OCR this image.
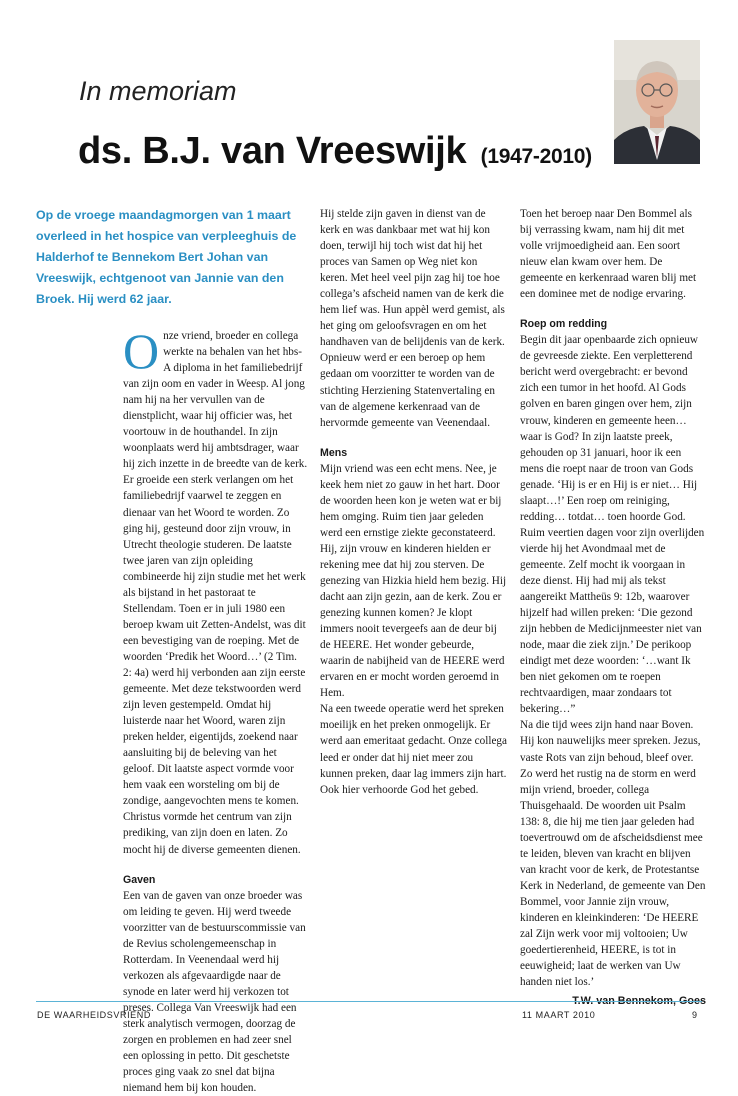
In memoriam
ds. B.J. van Vreeswijk (1947-2010)

Op de vroege maandagmorgen van 1 maart overleed in het hospice van verpleeghuis de Halderhof te Bennekom Bert Johan van Vreeswijk, echtgenoot van Jannie van den Broek. Hij werd 62 jaar.

Onze vriend, broeder en collega werkte na behalen van het hbs-A diploma in het familiebedrijf van zijn oom en vader in Weesp. Al jong nam hij na her vervullen van de dienstplicht, waar hij officier was, het voortouw in de houthandel. In zijn woonplaats werd hij ambtsdrager, waar hij zich inzette in de breedte van de kerk. Er groeide een sterk verlangen om het familiebedrijf vaarwel te zeggen en dienaar van het Woord te worden. Zo ging hij, gesteund door zijn vrouw, in Utrecht theologie studeren. De laatste twee jaren van zijn opleiding combineerde hij zijn studie met het werk als bijstand in het pastoraat te Stellendam. Toen er in juli 1980 een beroep kwam uit Zetten-Andelst, was dit een bevestiging van de roeping. Met de woorden ‘Predik het Woord…’ (2 Tim. 2: 4a) werd hij verbonden aan zijn eerste gemeente. Met deze tekstwoorden werd zijn leven gestempeld. Omdat hij luisterde naar het Woord, waren zijn preken helder, eigentijds, zoekend naar aansluiting bij de beleving van het geloof. Dit laatste aspect vormde voor hem vaak een worsteling om bij de zondige, aangevochten mens te komen. Christus vormde het centrum van zijn prediking, van zijn doen en laten. Zo mocht hij de diverse gemeenten dienen.

Gaven

Een van de gaven van onze broeder was om leiding te geven. Hij werd tweede voorzitter van de bestuurscommissie van de Revius scholengemeenschap in Rotterdam. In Veenendaal werd hij verkozen als afgevaardigde naar de synode en later werd hij verkozen tot preses. Collega Van Vreeswijk had een sterk analytisch vermogen, doorzag de zorgen en problemen en had zeer snel een oplossing in petto. Dit geschetste proces ging vaak zo snel dat bijna niemand hem bij kon houden.

Hij stelde zijn gaven in dienst van de kerk en was dankbaar met wat hij kon doen, terwijl hij toch wist dat hij het proces van Samen op Weg niet kon keren. Met heel veel pijn zag hij toe hoe collega’s afscheid namen van de kerk die hem lief was. Hun appèl werd gemist, als het ging om geloofsvragen en om het handhaven van de belijdenis van de kerk. Opnieuw werd er een beroep op hem gedaan om voorzitter te worden van de stichting Herziening Statenvertaling en van de algemene kerkenraad van de hervormde gemeente van Veenendaal.

Mens

Mijn vriend was een echt mens. Nee, je keek hem niet zo gauw in het hart. Door de woorden heen kon je weten wat er bij hem omging. Ruim tien jaar geleden werd een ernstige ziekte geconstateerd. Hij, zijn vrouw en kinderen hielden er rekening mee dat hij zou sterven. De genezing van Hizkia hield hem bezig. Hij dacht aan zijn gezin, aan de kerk. Zou er genezing kunnen komen? Je klopt immers nooit tevergeefs aan de deur bij de HEERE. Het wonder gebeurde, waarin de nabijheid van de HEERE werd ervaren en er mocht worden geroemd in Hem.

Na een tweede operatie werd het spreken moeilijk en het preken onmogelijk. Er werd aan emeritaat gedacht. Onze collega leed er onder dat hij niet meer zou kunnen preken, daar lag immers zijn hart. Ook hier verhoorde God het gebed.

Toen het beroep naar Den Bommel als bij verrassing kwam, nam hij dit met volle vrijmoedigheid aan. Een soort nieuw elan kwam over hem. De gemeente en kerkenraad waren blij met een dominee met de nodige ervaring.

Roep om redding

Begin dit jaar openbaarde zich opnieuw de gevreesde ziekte. Een verpletterend bericht werd overgebracht: er bevond zich een tumor in het hoofd. Al Gods golven en baren gingen over hem, zijn vrouw, kinderen en gemeente heen… waar is God? In zijn laatste preek, gehouden op 31 januari, hoor ik een mens die roept naar de troon van Gods genade. ‘Hij is er en Hij is er niet… Hij slaapt…!’ Een roep om reiniging, redding… totdat… toen hoorde God. Ruim veertien dagen voor zijn overlijden vierde hij het Avondmaal met de gemeente. Zelf mocht ik voorgaan in deze dienst. Hij had mij als tekst aangereikt Mattheüs 9: 12b, waarover hijzelf had willen preken: ‘Die gezond zijn hebben de Medicijnmeester niet van node, maar die ziek zijn.’ De perikoop eindigt met deze woorden: ‘…want Ik ben niet gekomen om te roepen rechtvaardigen, maar zondaars tot bekering…”

Na die tijd wees zijn hand naar Boven. Hij kon nauwelijks meer spreken. Jezus, vaste Rots van zijn behoud, bleef over. Zo werd het rustig na de storm en werd mijn vriend, broeder, collega Thuisgehaald. De woorden uit Psalm 138: 8, die hij me tien jaar geleden had toevertrouwd om de afscheidsdienst mee te leiden, bleven van kracht en blijven van kracht voor de kerk, de Protestantse Kerk in Nederland, de gemeente van Den Bommel, voor Jannie zijn vrouw, kinderen en kleinkinderen: ‘De HEERE zal Zijn werk voor mij voltooien; Uw goedertierenheid, HEERE, is tot in eeuwigheid; laat de werken van Uw handen niet los.’

T.W. van Bennekom, Goes
DE WAARHEIDSVRIEND	11 MAART 2010	9
